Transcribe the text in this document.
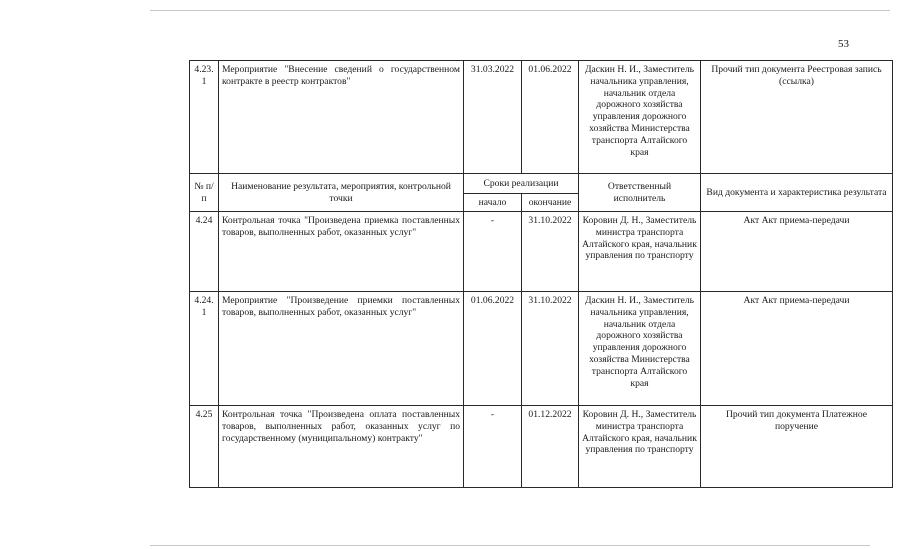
53
4.23.1	Мероприятие "Внесение сведений о государственном контракте в реестр контрактов"	31.03.2022	01.06.2022	Даскин Н. И., Заместитель начальника управления, начальник отдела дорожного хозяйства управления дорожного хозяйства Министерства транспорта Алтайского края	Прочий тип документа Реестровая запись (ссылка)
№ п/п	Наименование результата, мероприятия, контрольной точки	Сроки реализации		Ответственный исполнитель	Вид документа и характеристика результата
		начало	окончание		
4.24	Контрольная точка "Произведена приемка поставленных товаров, выполненных работ, оказанных услуг"	-	31.10.2022	Коровин Д. Н., Заместитель министра транспорта Алтайского края, начальник управления по транспорту	Акт Акт приема-передачи
4.24.1	Мероприятие "Произведение приемки поставленных товаров, выполненных работ, оказанных услуг"	01.06.2022	31.10.2022	Даскин Н. И., Заместитель начальника управления, начальник отдела дорожного хозяйства управления дорожного хозяйства Министерства транспорта Алтайского края	Акт Акт приема-передачи
4.25	Контрольная точка "Произведена оплата поставленных товаров, выполненных работ, оказанных услуг по государственному (муниципальному) контракту"	-	01.12.2022	Коровин Д. Н., Заместитель министра транспорта Алтайского края, начальник управления по транспорту	Прочий тип документа Платежное поручение
